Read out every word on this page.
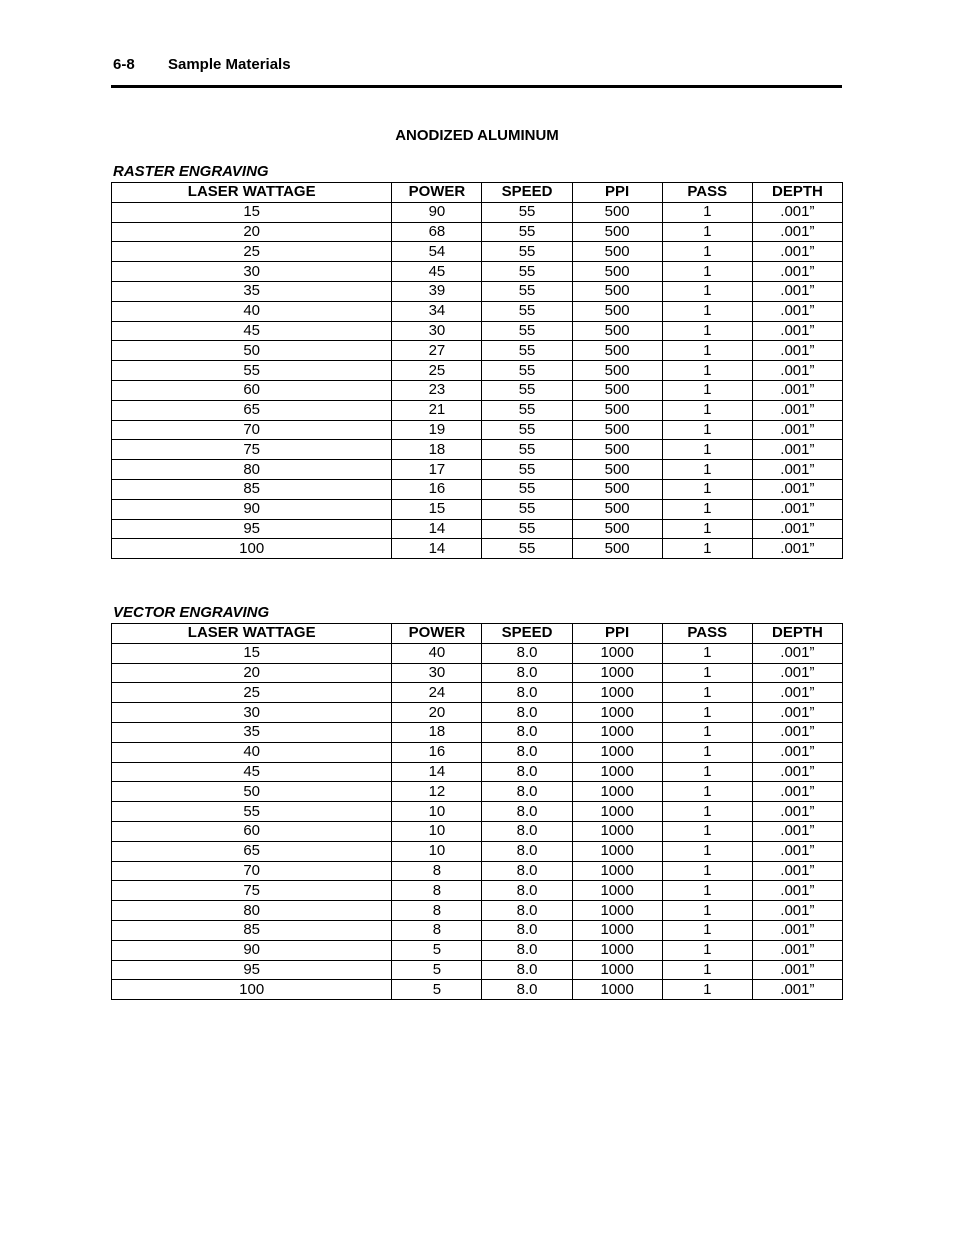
6-8 Sample Materials
ANODIZED ALUMINUM
RASTER ENGRAVING
LASER WATTAGE	POWER	SPEED	PPI	PASS	DEPTH
15	90	55	500	1	.001”
20	68	55	500	1	.001”
25	54	55	500	1	.001”
30	45	55	500	1	.001”
35	39	55	500	1	.001”
40	34	55	500	1	.001”
45	30	55	500	1	.001”
50	27	55	500	1	.001”
55	25	55	500	1	.001”
60	23	55	500	1	.001”
65	21	55	500	1	.001”
70	19	55	500	1	.001”
75	18	55	500	1	.001”
80	17	55	500	1	.001”
85	16	55	500	1	.001”
90	15	55	500	1	.001”
95	14	55	500	1	.001”
100	14	55	500	1	.001”
VECTOR ENGRAVING
LASER WATTAGE	POWER	SPEED	PPI	PASS	DEPTH
15	40	8.0	1000	1	.001”
20	30	8.0	1000	1	.001”
25	24	8.0	1000	1	.001”
30	20	8.0	1000	1	.001”
35	18	8.0	1000	1	.001”
40	16	8.0	1000	1	.001”
45	14	8.0	1000	1	.001”
50	12	8.0	1000	1	.001”
55	10	8.0	1000	1	.001”
60	10	8.0	1000	1	.001”
65	10	8.0	1000	1	.001”
70	8	8.0	1000	1	.001”
75	8	8.0	1000	1	.001”
80	8	8.0	1000	1	.001”
85	8	8.0	1000	1	.001”
90	5	8.0	1000	1	.001”
95	5	8.0	1000	1	.001”
100	5	8.0	1000	1	.001”
